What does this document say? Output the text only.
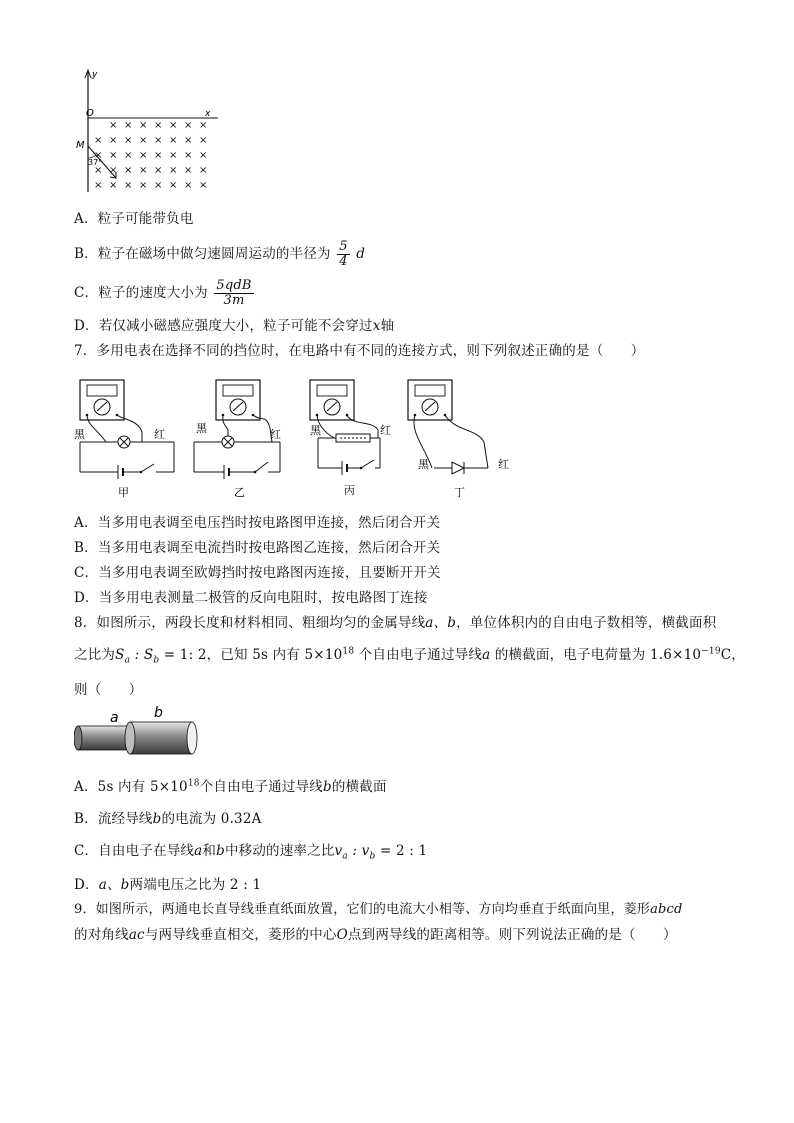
y
x
O
M
37°
× × × × × × ×
× × × × × × × ×
× × × × × × × ×
× × × × × × × ×
× × × × × × × ×
A．粒子可能带负电
B．粒子在磁场中做匀速圆周运动的半径为 $\frac{5}{4}$ d
C．粒子的速度大小为 $\frac{\text{5qdB}}{3m}$
D．若仅减小磁感应强度大小，粒子可能不会穿过x轴
7．多用电表在选择不同的挡位时，在电路中有不同的连接方式，则下列叙述正确的是（　　）
黑	红
甲
黑	红
乙
黑	红
丙
黑	红
丁
A．当多用电表调至电压挡时按电路图甲连接，然后闭合开关
B．当多用电表调至电流挡时按电路图乙连接，然后闭合开关
C．当多用电表调至欧姆挡时按电路图丙连接，且要断开开关
D．当多用电表测量二极管的反向电阻时，按电路图丁连接
8．如图所示，两段长度和材料相同、粗细均匀的金属导线a、b，单位体积内的自由电子数相等，横截面积
之比为$S_a$ : $S_b = 1$: 2，已知 5s 内有 $5\times 10^{18}$ 个自由电子通过导线a 的横截面，电子电荷量为 $1.6\times 10^{-19}C$，
则（　　）
a	b
A．5s 内有 $5\times 10^{18}$个自由电子通过导线b的横截面
B．流经导线b的电流为 0.32A
C．自由电子在导线a和b中移动的速率之比$v_a$ : $v_b = 2$ : 1
D．a、b两端电压之比为 2 : 1
9．如图所示，两通电长直导线垂直纸面放置，它们的电流大小相等、方向均垂直于纸面向里，菱形abcd
的对角线ac与两导线垂直相交，菱形的中心O点到两导线的距离相等。则下列说法正确的是（　　）
